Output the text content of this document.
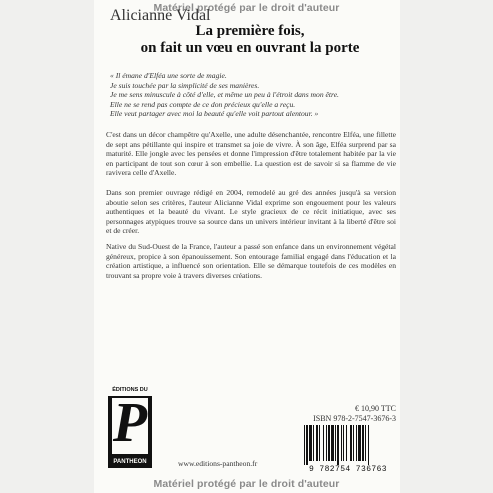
Matériel protégé par le droit d'auteur
Alicianne Vidal
La première fois,
on fait un vœu en ouvrant la porte
« Il émane d'Elféa une sorte de magie.
Je suis touchée par la simplicité de ses manières.
Je me sens minuscule à côté d'elle, et même un peu à l'étroit dans mon être.
Elle ne se rend pas compte de ce don précieux qu'elle a reçu.
Elle veut partager avec moi la beauté qu'elle voit partout alentour. »
C'est dans un décor champêtre qu'Axelle, une adulte désenchantée, rencontre Elféa, une fillette de sept ans pétillante qui inspire et transmet sa joie de vivre. À son âge, Elféa surprend par sa maturité. Elle jongle avec les pensées et donne l'impression d'être totalement habitée par la vie en participant de tout son cœur à son embellie. La question est de savoir si sa flamme de vie ravivera celle d'Axelle.
Dans son premier ouvrage rédigé en 2004, remodelé au gré des années jusqu'à sa version aboutie selon ses critères, l'auteur Alicianne Vidal exprime son engouement pour les valeurs authentiques et la beauté du vivant. Le style gracieux de ce récit initiatique, avec ses personnages atypiques trouve sa source dans un univers intérieur invitant à la liberté d'être soi et de créer.
Native du Sud-Ouest de la France, l'auteur a passé son enfance dans un environnement végétal généreux, propice à son épanouissement. Son entourage familial engagé dans l'éducation et la création artistique, a influencé son orientation. Elle se démarque toutefois de ces modèles en trouvant sa propre voie à travers diverses créations.
ÉDITIONS DU
P
PANTHEON	www.editions-pantheon.fr
€ 10,90 TTC
ISBN 978-2-7547-3676-3
9 782754 736763
Matériel protégé par le droit d'auteur
